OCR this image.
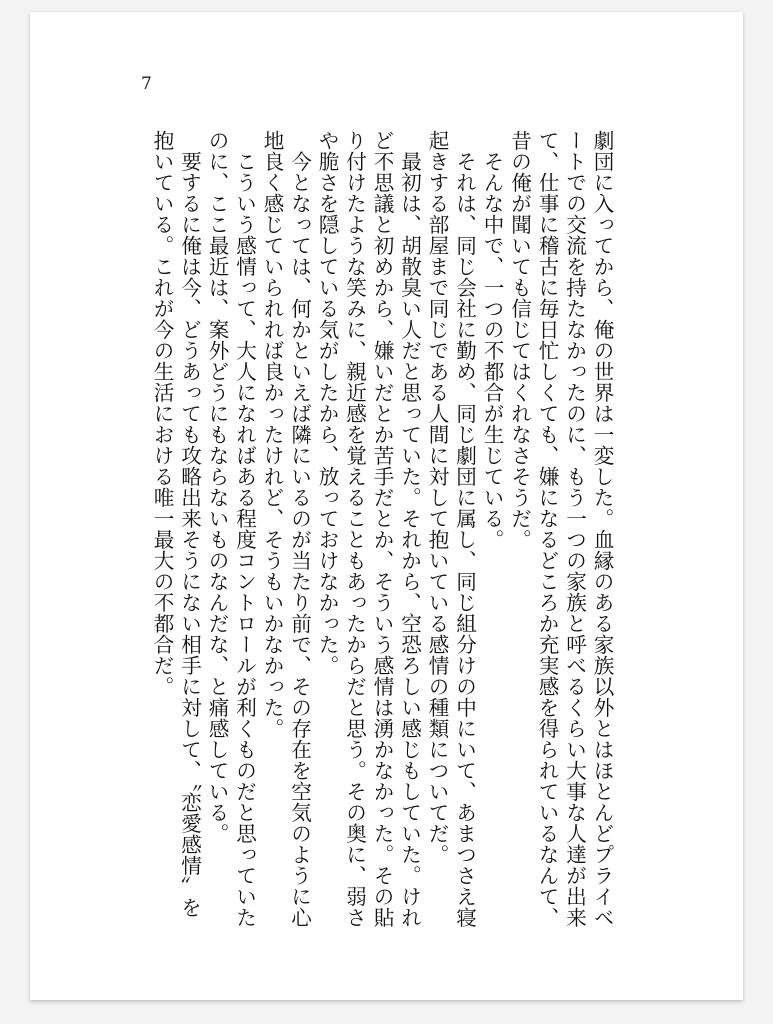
7

劇団に入ってから、俺の世界は一変した。血縁のある家族以外とはほとんどプライベートでの交流を持たなかったのに、もう一つの家族と呼べるくらい大事な人達が出来て、仕事に稽古に毎日忙しくても、嫌になるどころか充実感を得られているなんて、昔の俺が聞いても信じてはくれなさそうだ。

そんな中で、一つの不都合が生じている。

それは、同じ会社に勤め、同じ劇団に属し、同じ組分けの中にいて、あまつさえ寝起きする部屋まで同じである人間に対して抱いている感情の種類についてだ。

最初は、胡散臭い人だと思っていた。それから、空恐ろしい感じもしていた。けれど不思議と初めから、嫌いだとか苦手だとか、そういう感情は湧かなかった。その貼り付けたような笑みに、親近感を覚えることもあったからだと思う。その奥に、弱さや脆さを隠している気がしたから、放っておけなかった。

今となっては、何かといえば隣にいるのが当たり前で、その存在を空気のように心地良く感じていられれば良かったけれど、そうもいかなかった。

こういう感情って、大人になればある程度コントロールが利くものだと思っていたのに、ここ最近は、案外どうにもならないものなんだな、と痛感している。

要するに俺は今、どうあっても攻略出来そうにない相手に対して、〝恋愛感情〟を抱いている。これが今の生活における唯一最大の不都合だ。
